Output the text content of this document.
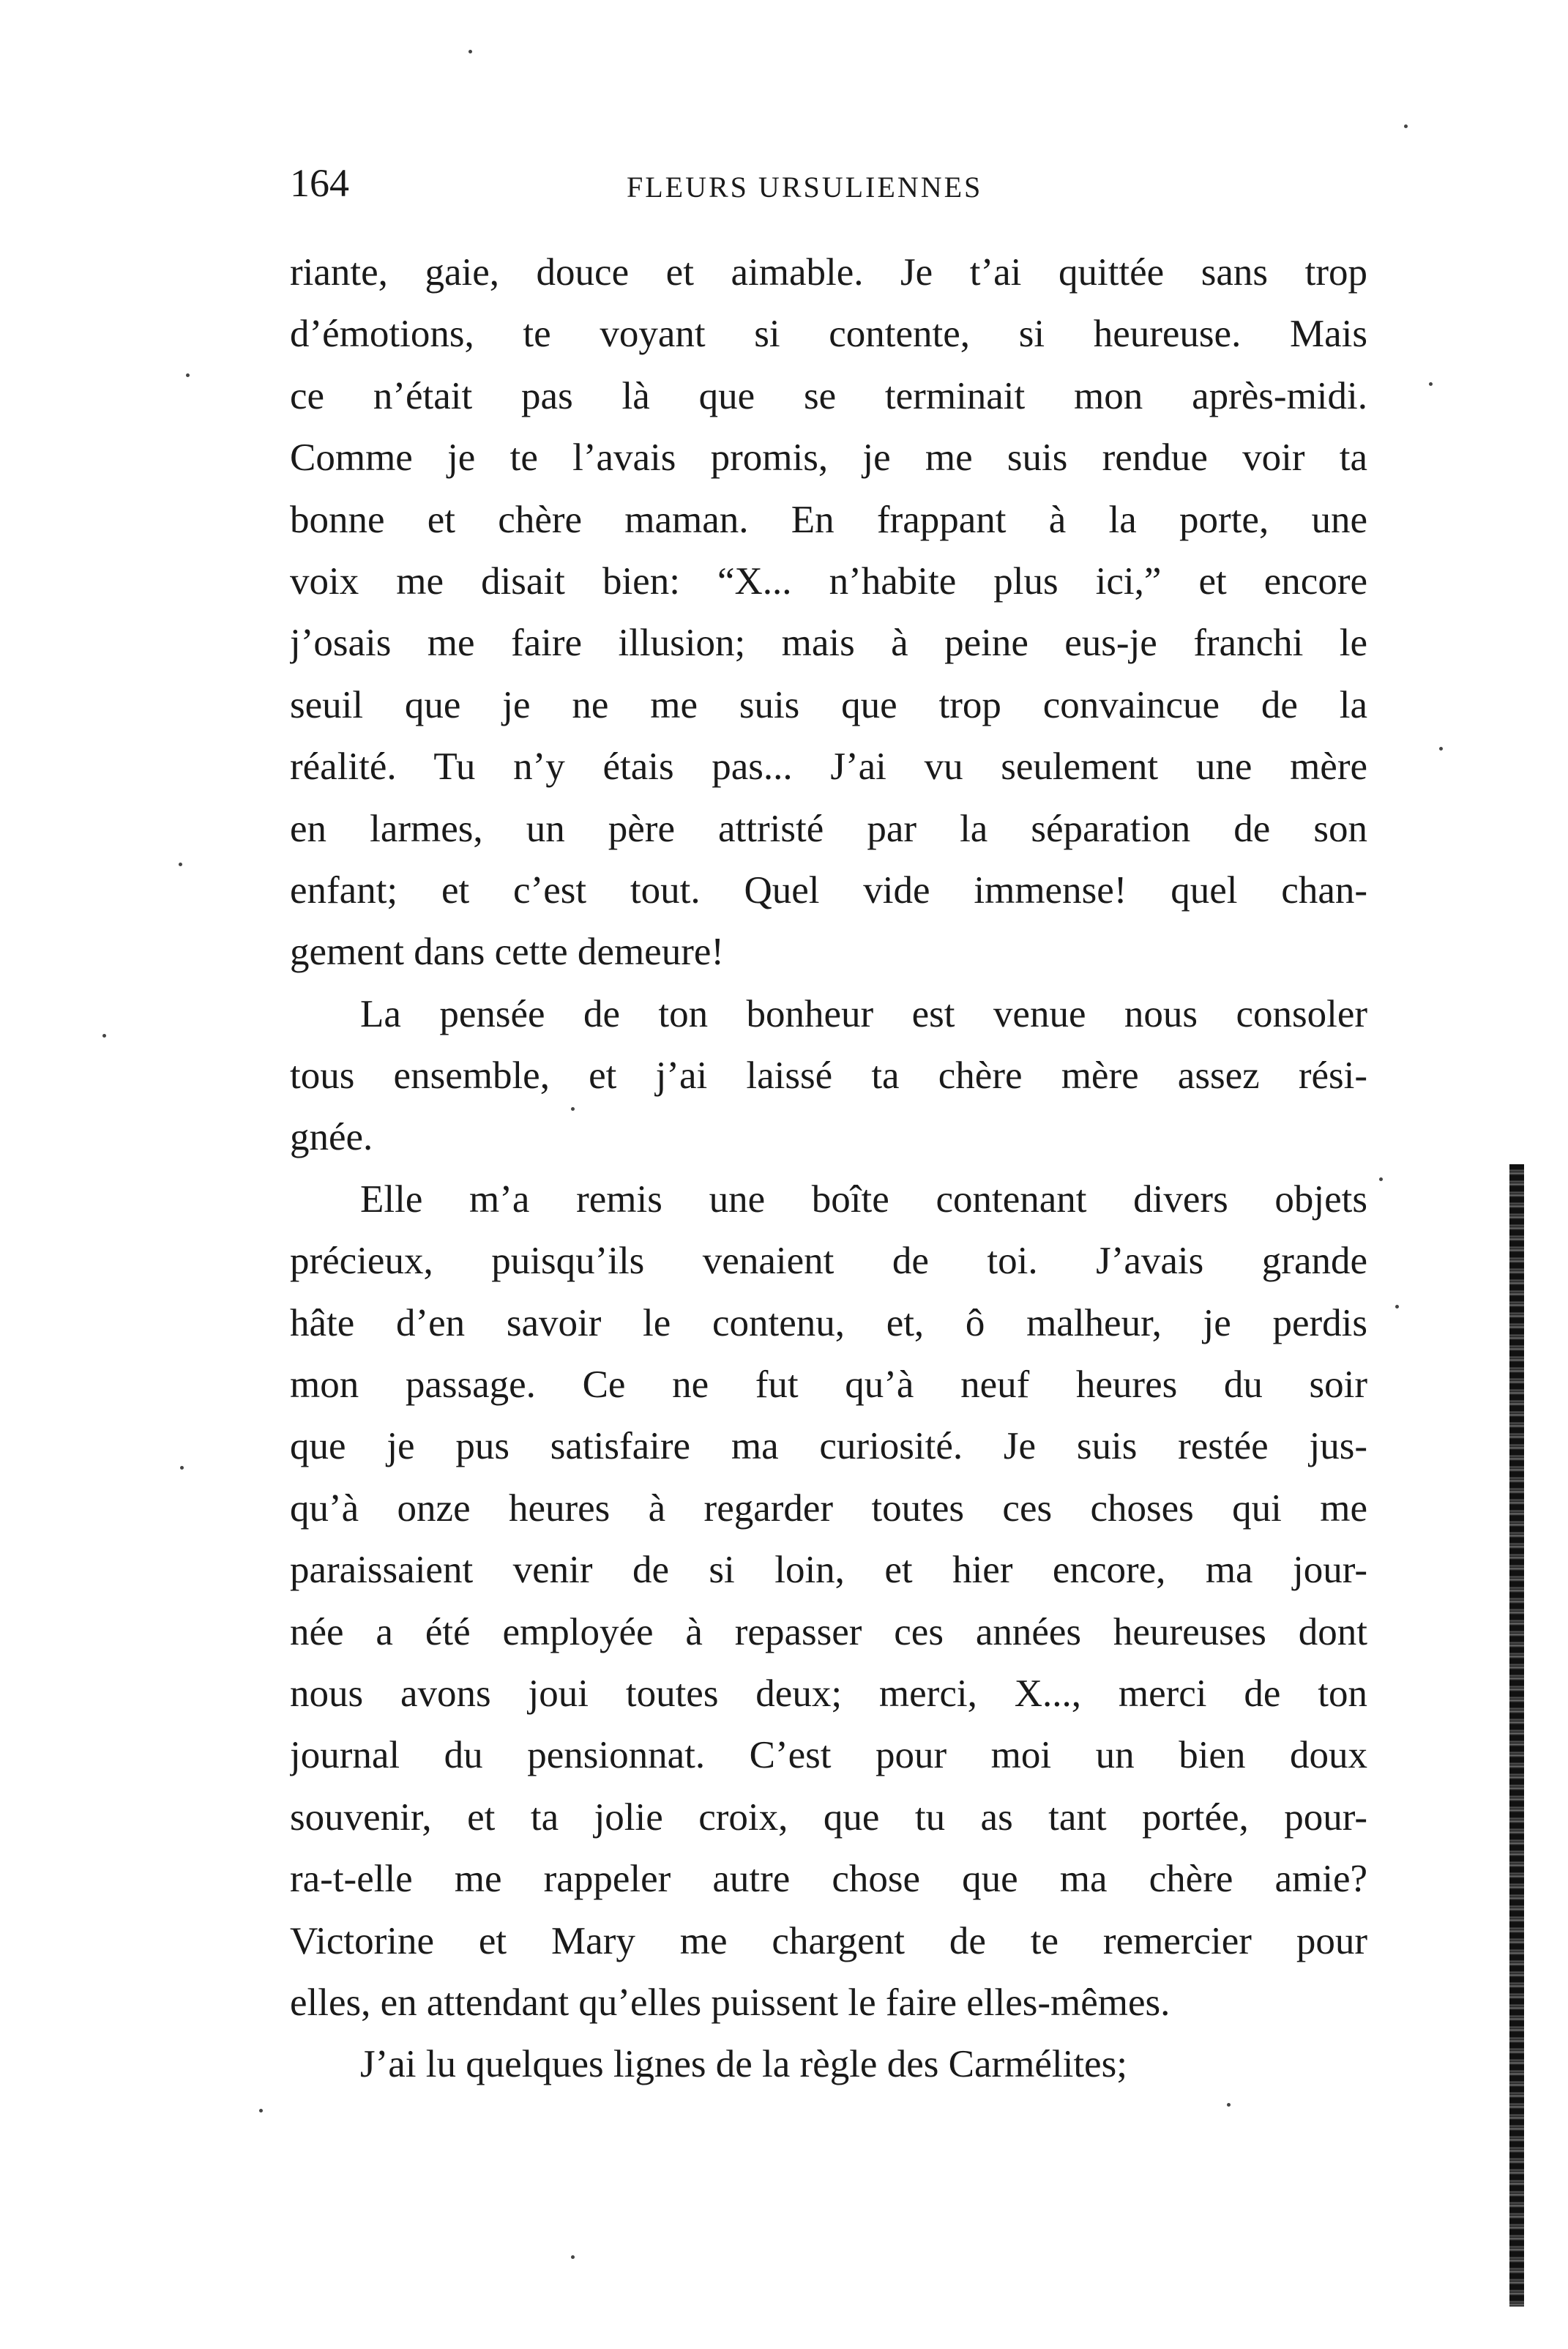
164	FLEURS URSULIENNES
riante, gaie, douce et aimable. Je t’ai quittée sans trop
d’émotions, te voyant si contente, si heureuse. Mais
ce n’était pas là que se terminait mon après-midi.
Comme je te l’avais promis, je me suis rendue voir ta
bonne et chère maman. En frappant à la porte, une
voix me disait bien: “X... n’habite plus ici,” et encore
j’osais me faire illusion; mais à peine eus-je franchi le
seuil que je ne me suis que trop convaincue de la
réalité. Tu n’y étais pas... J’ai vu seulement une mère
en larmes, un père attristé par la séparation de son
enfant; et c’est tout. Quel vide immense! quel chan-
gement dans cette demeure!
La pensée de ton bonheur est venue nous consoler
tous ensemble, et j’ai laissé ta chère mère assez rési-
gnée.
Elle m’a remis une boîte contenant divers objets
précieux, puisqu’ils venaient de toi. J’avais grande
hâte d’en savoir le contenu, et, ô malheur, je perdis
mon passage. Ce ne fut qu’à neuf heures du soir
que je pus satisfaire ma curiosité. Je suis restée jus-
qu’à onze heures à regarder toutes ces choses qui me
paraissaient venir de si loin, et hier encore, ma jour-
née a été employée à repasser ces années heureuses dont
nous avons joui toutes deux; merci, X..., merci de ton
journal du pensionnat. C’est pour moi un bien doux
souvenir, et ta jolie croix, que tu as tant portée, pour-
ra-t-elle me rappeler autre chose que ma chère amie?
Victorine et Mary me chargent de te remercier pour
elles, en attendant qu’elles puissent le faire elles-mêmes.
J’ai lu quelques lignes de la règle des Carmélites;
